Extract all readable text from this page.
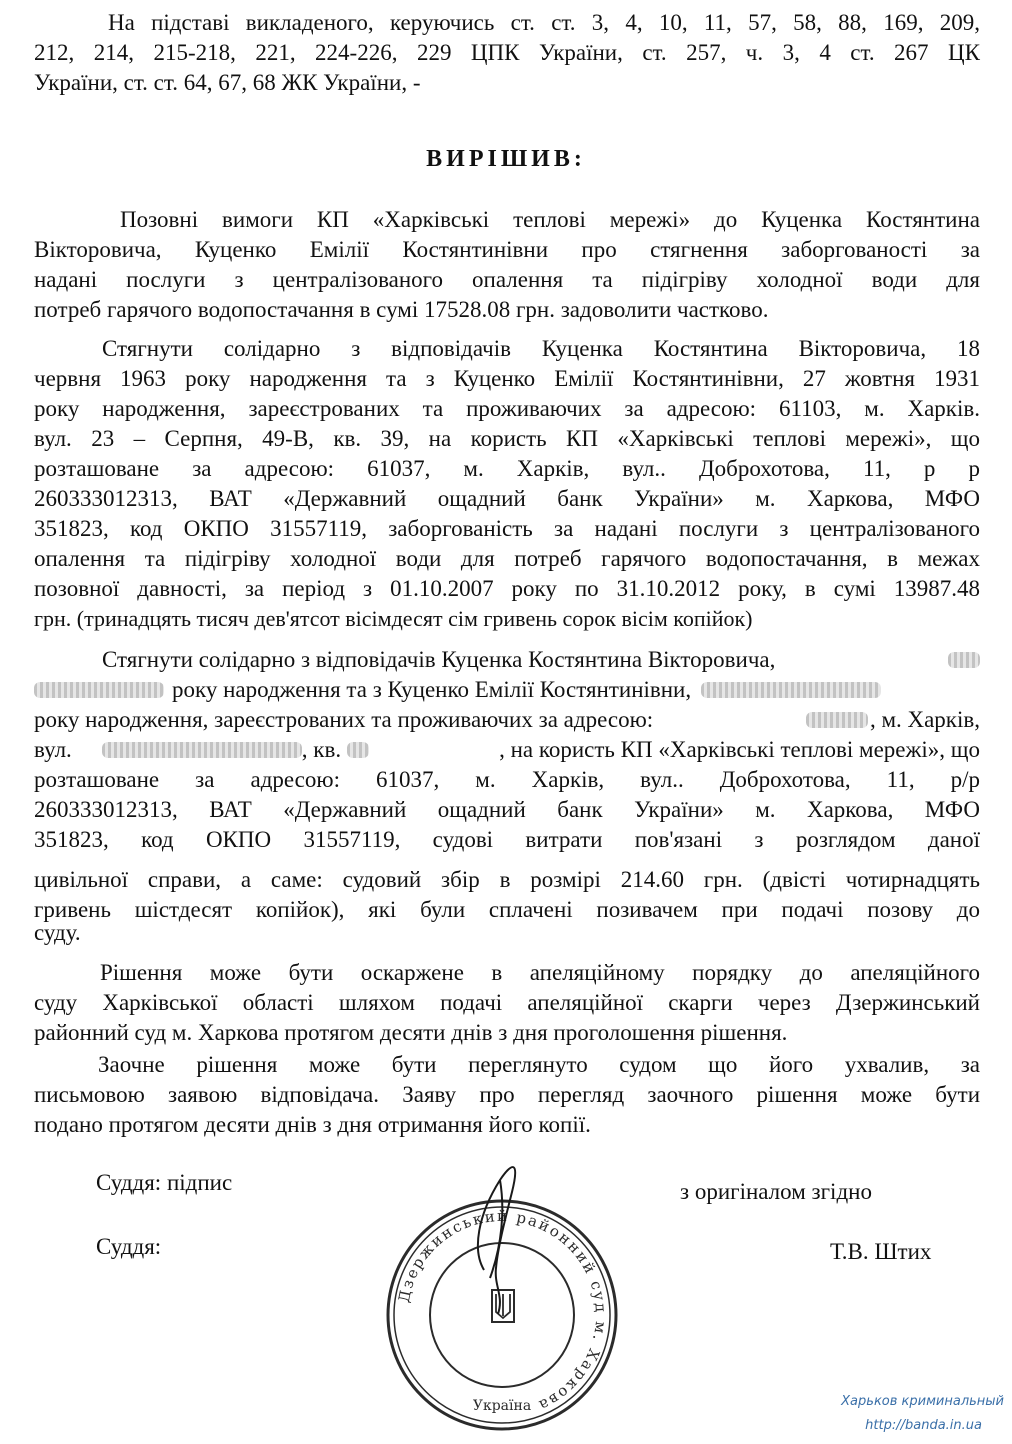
На підставі викладеного, керуючись ст. ст. 3, 4, 10, 11, 57, 58, 88, 169, 209,
212, 214, 215-218, 221, 224-226, 229 ЦПК України, ст. 257, ч. 3, 4 ст. 267 ЦК
України, ст. ст. 64, 67, 68 ЖК України, -
ВИРІШИВ:
Позовні вимоги КП «Харківські теплові мережі» до Куценка Костянтина
Вікторовича, Куценко Емілії Костянтинівни про стягнення заборгованості за
надані послуги з централізованого опалення та підігріву холодної води для
потреб гарячого водопостачання в сумі 17528.08 грн. задоволити частково.
Стягнути солідарно з відповідачів Куценка Костянтина Вікторовича, 18
червня 1963 року народження та з Куценко Емілії Костянтинівни, 27 жовтня 1931
року народження, зареєстрованих та проживаючих за адресою: 61103, м. Харків.
вул. 23 – Серпня, 49-В, кв. 39, на користь КП «Харківські теплові мережі», що
розташоване за адресою: 61037, м. Харків, вул.. Доброхотова, 11, р р
260333012313, ВАТ «Державний ощадний банк України» м. Харкова, МФО
351823, код ОКПО 31557119, заборгованість за надані послуги з централізованого
опалення та підігріву холодної води для потреб гарячого водопостачання, в межах
позовної давності, за період з 01.10.2007 року по 31.10.2012 року, в сумі 13987.48
грн. (тринадцять тисяч дев'ятсот вісімдесят сім гривень сорок вісім копійок)
Стягнути солідарно з відповідачів Куценка Костянтина Вікторовича,
року народження та з Куценко Емілії Костянтинівни,
року народження, зареєстрованих та проживаючих за адресою:	, м. Харків,
вул.	, кв.	, на користь КП «Харківські теплові мережі», що
розташоване за адресою: 61037, м. Харків, вул.. Доброхотова, 11, р/р
260333012313, ВАТ «Державний ощадний банк України» м. Харкова, МФО
351823, код ОКПО 31557119, судові витрати пов'язані з розглядом даної
цивільної справи, а саме: судовий збір в розмірі 214.60 грн. (двісті чотирнадцять
гривень шістдесят копійок), які були сплачені позивачем при подачі позову до
суду.
Рішення може бути оскаржене в апеляційному порядку до апеляційного
суду Харківської області шляхом подачі апеляційної скарги через Дзержинський
районний суд м. Харкова протягом десяти днів з дня проголошення рішення.
Заочне рішення може бути переглянуто судом що його ухвалив, за
письмовою заявою відповідача. Заяву про перегляд заочного рішення може бути
подано протягом десяти днів з дня отримання його копії.
Суддя: підпис	з оригіналом згідно
Суддя:	Т.В. Штих
Дзержинський районний суд м. Харкова
Україна	Харьков криминальный
http://banda.in.ua
